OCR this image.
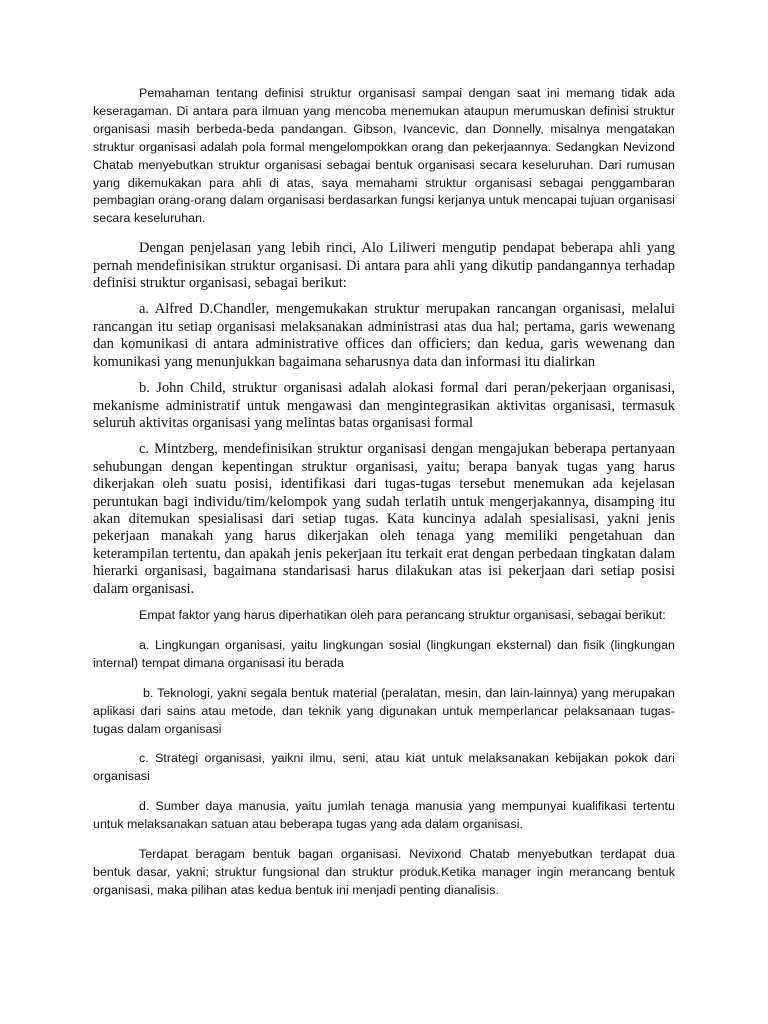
Pemahaman tentang definisi struktur organisasi sampai dengan saat ini memang tidak ada keseragaman. Di antara para ilmuan yang mencoba menemukan ataupun merumuskan definisi struktur organisasi masih berbeda-beda pandangan. Gibson, Ivancevic, dan Donnelly, misalnya mengatakan struktur organisasi adalah pola formal mengelompokkan orang dan pekerjaannya. Sedangkan Nevizond Chatab menyebutkan struktur organisasi sebagai bentuk organisasi secara keseluruhan. Dari rumusan yang dikemukakan para ahli di atas, saya memahami struktur organisasi sebagai penggambaran pembagian orang-orang dalam organisasi berdasarkan fungsi kerjanya untuk mencapai tujuan organisasi secara keseluruhan.

Dengan penjelasan yang lebih rinci, Alo Liliweri mengutip pendapat beberapa ahli yang pernah mendefinisikan struktur organisasi. Di antara para ahli yang dikutip pandangannya terhadap definisi struktur organisasi, sebagai berikut:

a. Alfred D.Chandler, mengemukakan struktur merupakan rancangan organisasi, melalui rancangan itu setiap organisasi melaksanakan administrasi atas dua hal; pertama, garis wewenang dan komunikasi di antara administrative offices dan officiers; dan kedua, garis wewenang dan komunikasi yang menunjukkan bagaimana seharusnya data dan informasi itu dialirkan

b. John Child, struktur organisasi adalah alokasi formal dari peran/pekerjaan organisasi, mekanisme administratif untuk mengawasi dan mengintegrasikan aktivitas organisasi, termasuk seluruh aktivitas organisasi yang melintas batas organisasi formal

c. Mintzberg, mendefinisikan struktur organisasi dengan mengajukan beberapa pertanyaan sehubungan dengan kepentingan struktur organisasi, yaitu; berapa banyak tugas yang harus dikerjakan oleh suatu posisi, identifikasi dari tugas-tugas tersebut menemukan ada kejelasan peruntukan bagi individu/tim/kelompok yang sudah terlatih untuk mengerjakannya, disamping itu akan ditemukan spesialisasi dari setiap tugas. Kata kuncinya adalah spesialisasi, yakni jenis pekerjaan manakah yang harus dikerjakan oleh tenaga yang memiliki pengetahuan dan keterampilan tertentu, dan apakah jenis pekerjaan itu terkait erat dengan perbedaan tingkatan dalam hierarki organisasi, bagaimana standarisasi harus dilakukan atas isi pekerjaan dari setiap posisi dalam organisasi.

Empat faktor yang harus diperhatikan oleh para perancang struktur organisasi, sebagai berikut:

a. Lingkungan organisasi, yaitu lingkungan sosial (lingkungan eksternal) dan fisik (lingkungan internal) tempat dimana organisasi itu berada

b. Teknologi, yakni segala bentuk material (peralatan, mesin, dan lain-lainnya) yang merupakan aplikasi dari sains atau metode, dan teknik yang digunakan untuk memperlancar pelaksanaan tugas-tugas dalam organisasi

c. Strategi organisasi, yaikni ilmu, seni, atau kiat untuk melaksanakan kebijakan pokok dari organisasi

d. Sumber daya manusia, yaitu jumlah tenaga manusia yang mempunyai kualifikasi tertentu untuk melaksanakan satuan atau beberapa tugas yang ada dalam organisasi.

Terdapat beragam bentuk bagan organisasi. Nevixond Chatab menyebutkan terdapat dua bentuk dasar, yakni; struktur fungsional dan struktur produk.Ketika manager ingin merancang bentuk organisasi, maka pilihan atas kedua bentuk ini menjadi penting dianalisis.
